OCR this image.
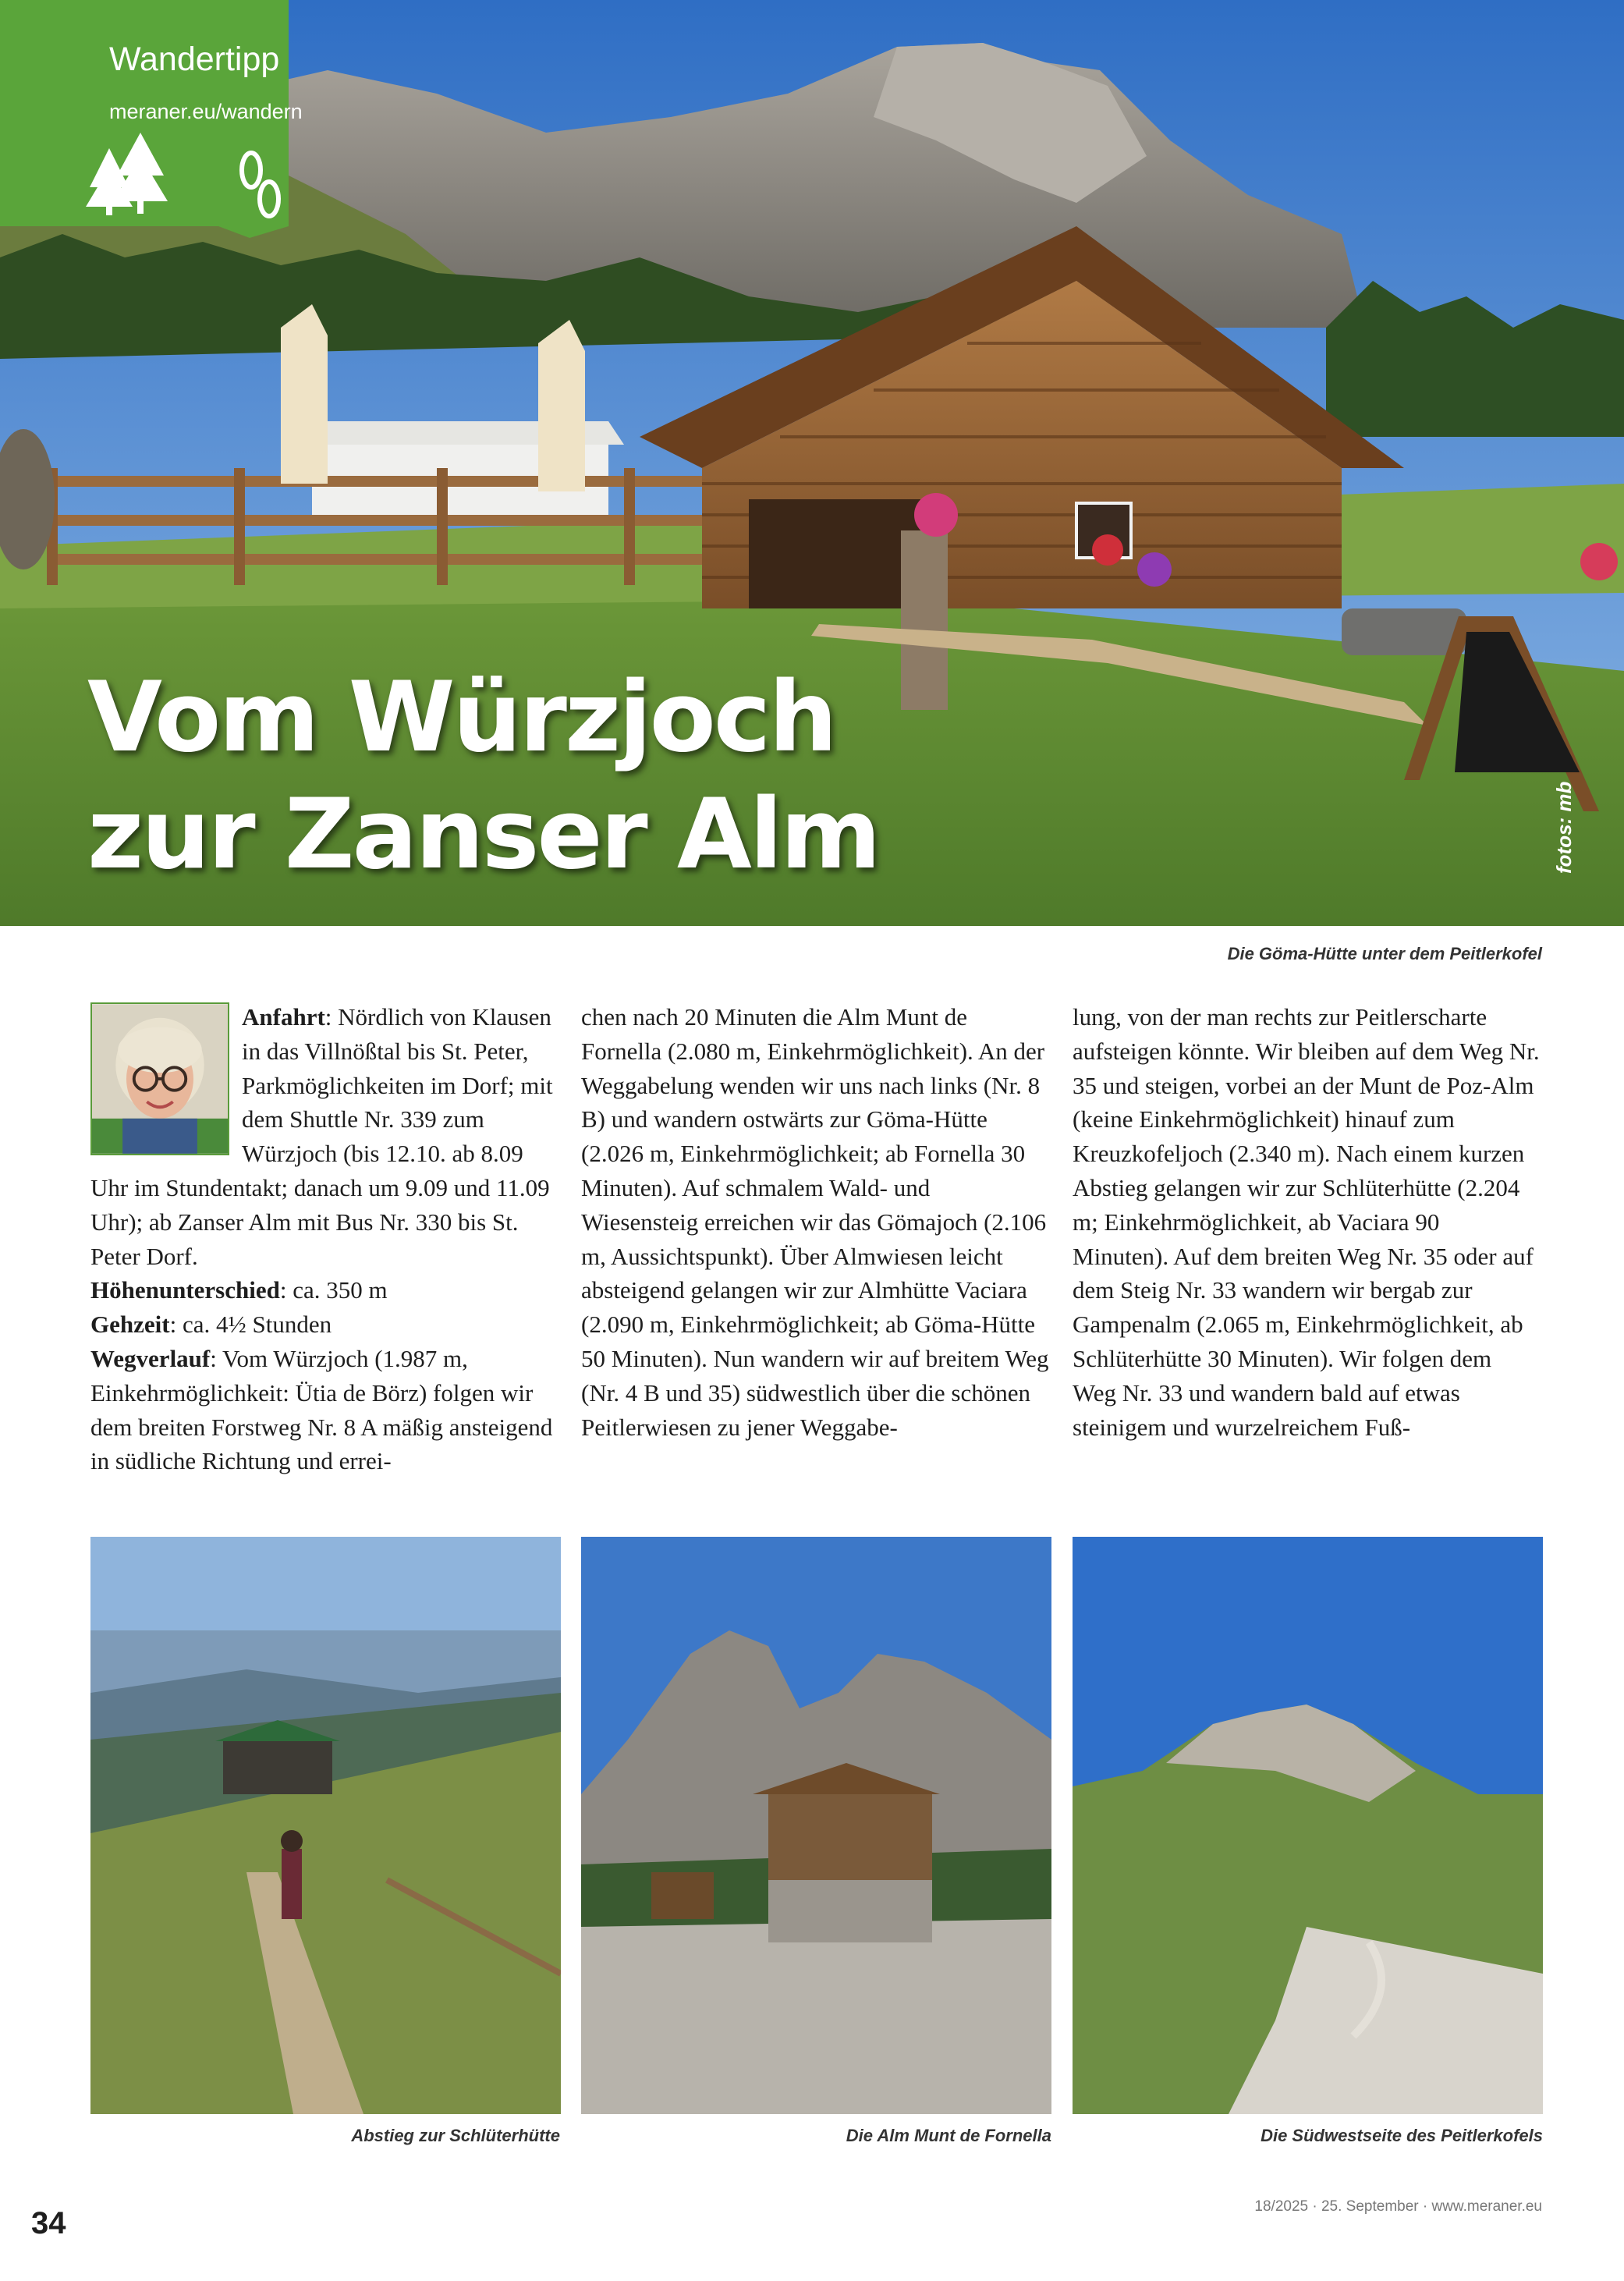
Wandertipp
meraner.eu/wandern
Vom Würzjoch
zur Zanser Alm	fotos: mb
Die Göma-Hütte unter dem Peitlerkofel

Anfahrt: Nördlich von Klausen in das Villnößtal bis St. Peter, Parkmöglichkeiten im Dorf; mit dem Shuttle Nr. 339 zum Würzjoch (bis 12.10. ab 8.09 Uhr im Stundentakt; danach um 9.09 und 11.09 Uhr); ab Zanser Alm mit Bus Nr. 330 bis St. Peter Dorf.
Höhenunterschied: ca. 350 m
Gehzeit: ca. 4½ Stunden
Wegverlauf: Vom Würzjoch (1.987 m, Einkehrmöglichkeit: Ütia de Börz) folgen wir dem breiten Forstweg Nr. 8 A mäßig ansteigend in südliche Richtung und errei-

chen nach 20 Minuten die Alm Munt de Fornella (2.080 m, Einkehrmöglichkeit). An der Weggabelung wenden wir uns nach links (Nr. 8 B) und wandern ostwärts zur Göma-Hütte (2.026 m, Einkehrmöglichkeit; ab Fornella 30 Minuten). Auf schmalem Wald- und Wiesensteig erreichen wir das Gömajoch (2.106 m, Aussichtspunkt). Über Almwiesen leicht absteigend gelangen wir zur Almhütte Vaciara (2.090 m, Einkehrmöglichkeit; ab Göma-Hütte 50 Minuten). Nun wandern wir auf breitem Weg (Nr. 4 B und 35) südwestlich über die schönen Peitlerwiesen zu jener Weggabe-

lung, von der man rechts zur Peitlerscharte aufsteigen könnte. Wir bleiben auf dem Weg Nr. 35 und steigen, vorbei an der Munt de Poz-Alm (keine Einkehrmöglichkeit) hinauf zum Kreuzkofeljoch (2.340 m). Nach einem kurzen Abstieg gelangen wir zur Schlüterhütte (2.204 m; Einkehrmöglichkeit, ab Vaciara 90 Minuten). Auf dem breiten Weg Nr. 35 oder auf dem Steig Nr. 33 wandern wir bergab zur Gampenalm (2.065 m, Einkehrmöglichkeit, ab Schlüterhütte 30 Minuten). Wir folgen dem Weg Nr. 33 und wandern bald auf etwas steinigem und wurzelreichem Fuß-

Abstieg zur Schlüterhütte	Die Alm Munt de Fornella	Die Südwestseite des Peitlerkofels
34	18/2025 · 25. September · www.meraner.eu
